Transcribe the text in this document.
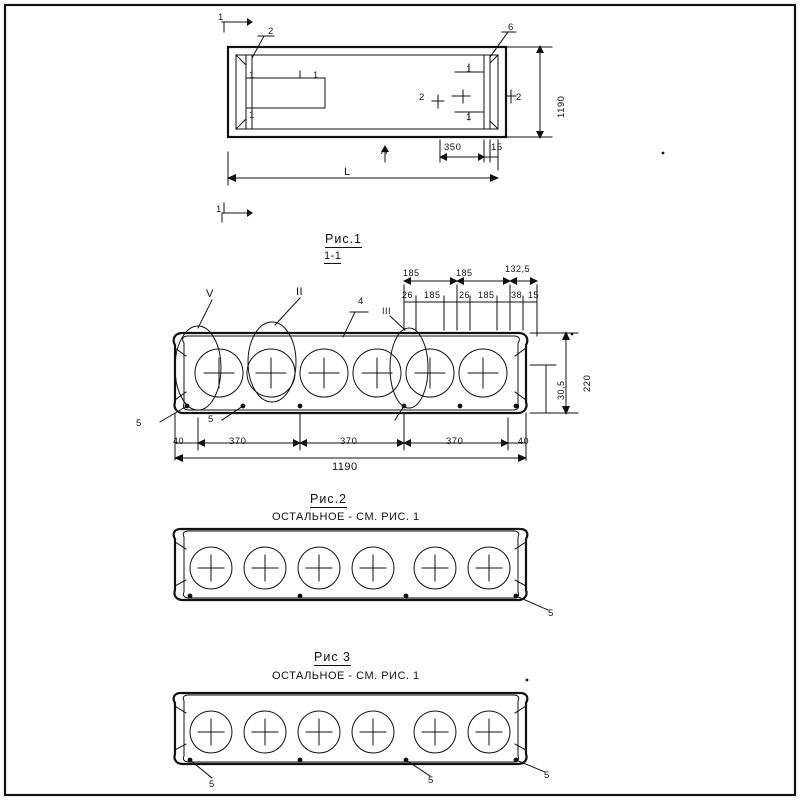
1
2	6
1	1
1
1
1
2	2	1190
A	350	15
L
1
Рис.1
1-1
V	II
III
4
185	185	132,5
26 185 26 185 38 15
220
30,5
5	5
40	370	370	370	40
1190
Рис.2
ОСТАЛЬНОЕ - СМ. РИС. 1
5
Рис 3
ОСТАЛЬНОЕ - СМ. РИС. 1
5	5	5
